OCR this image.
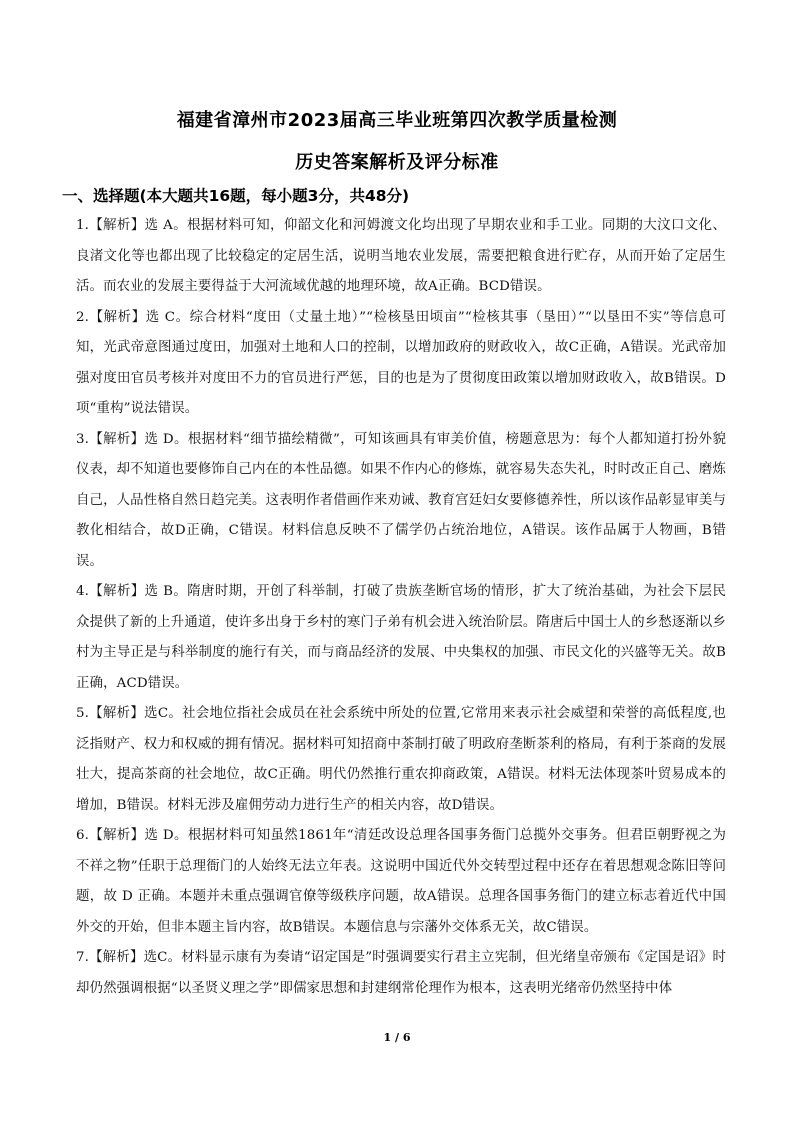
福建省漳州市2023届高三毕业班第四次教学质量检测
历史答案解析及评分标准
一、选择题(本大题共16题，每小题3分，共48分)

1.【解析】选 A。根据材料可知，仰韶文化和河姆渡文化均出现了早期农业和手工业。同期的大汶口文化、良渚文化等也都出现了比较稳定的定居生活，说明当地农业发展，需要把粮食进行贮存，从而开始了定居生活。而农业的发展主要得益于大河流域优越的地理环境，故A正确。BCD错误。

2.【解析】选 C。综合材料“度田（丈量土地）”“检核垦田顷亩”“检核其事（垦田）”“以垦田不实”等信息可知，光武帝意图通过度田，加强对土地和人口的控制，以增加政府的财政收入，故C正确，A错误。光武帝加强对度田官员考核并对度田不力的官员进行严惩，目的也是为了贯彻度田政策以增加财政收入，故B错误。D项“重构”说法错误。

3.【解析】选 D。根据材料“细节描绘精微”，可知该画具有审美价值，榜题意思为：每个人都知道打扮外貌仪表，却不知道也要修饰自己内在的本性品德。如果不作内心的修炼，就容易失态失礼，时时改正自己、磨炼自己，人品性格自然日趋完美。这表明作者借画作来劝诫、教育宫廷妇女要修德养性，所以该作品彰显审美与教化相结合，故D正确，C错误。材料信息反映不了儒学仍占统治地位，A错误。该作品属于人物画，B错误。

4.【解析】选 B。隋唐时期，开创了科举制，打破了贵族垄断官场的情形，扩大了统治基础，为社会下层民众提供了新的上升通道，使许多出身于乡村的寒门子弟有机会进入统治阶层。隋唐后中国士人的乡愁逐渐以乡村为主导正是与科举制度的施行有关，而与商品经济的发展、中央集权的加强、市民文化的兴盛等无关。故B正确，ACD错误。

5.【解析】选C。社会地位指社会成员在社会系统中所处的位置,它常用来表示社会威望和荣誉的高低程度,也泛指财产、权力和权威的拥有情况。据材料可知招商中茶制打破了明政府垄断茶利的格局，有利于茶商的发展壮大，提高茶商的社会地位，故C正确。明代仍然推行重农抑商政策，A错误。材料无法体现茶叶贸易成本的增加，B错误。材料无涉及雇佣劳动力进行生产的相关内容，故D错误。

6.【解析】选 D。根据材料可知虽然1861年“清廷改设总理各国事务衙门总揽外交事务。但君臣朝野视之为不祥之物”任职于总理衙门的人始终无法立年表。这说明中国近代外交转型过程中还存在着思想观念陈旧等问题，故 D 正确。本题并未重点强调官僚等级秩序问题，故A错误。总理各国事务衙门的建立标志着近代中国外交的开始，但非本题主旨内容，故B错误。本题信息与宗藩外交体系无关，故C错误。

7.【解析】选C。材料显示康有为奏请“诏定国是”时强调要实行君主立宪制，但光绪皇帝颁布《定国是诏》时却仍然强调根据“以圣贤义理之学”即儒家思想和封建纲常伦理作为根本，这表明光绪帝仍然坚持中体

1 / 6
